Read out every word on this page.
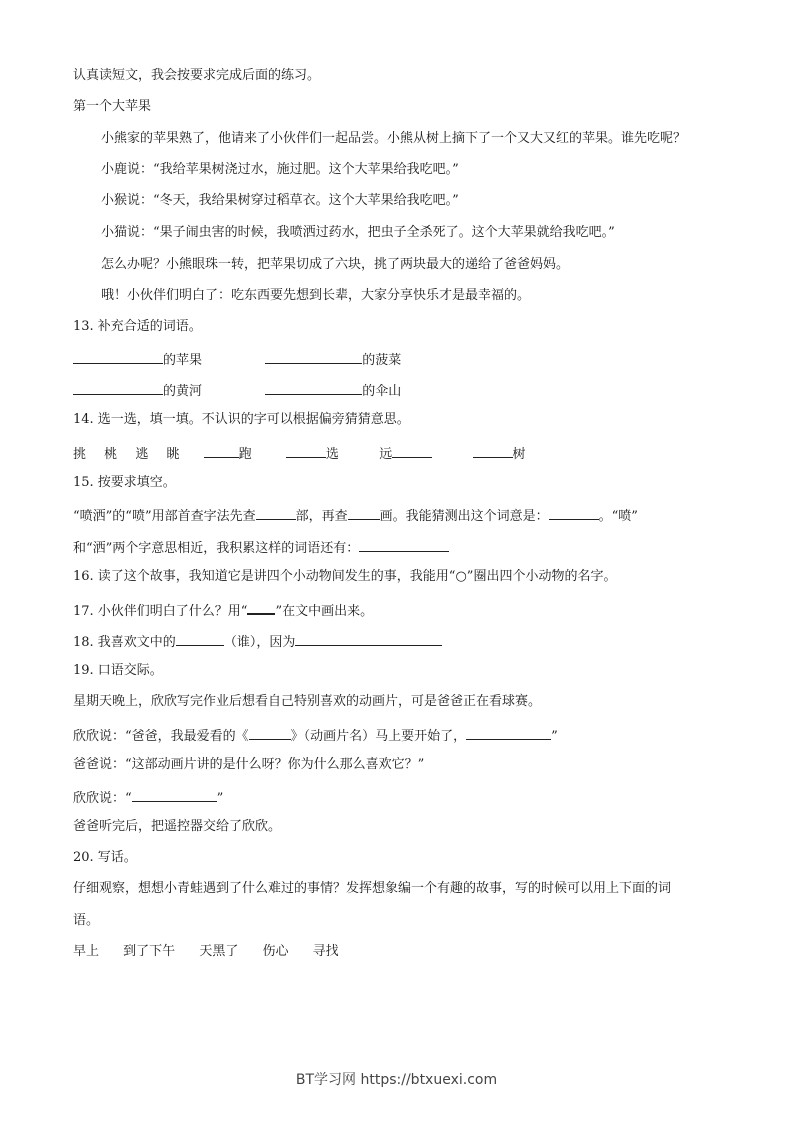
认真读短文，我会按要求完成后面的练习。
第一个大苹果
小熊家的苹果熟了，他请来了小伙伴们一起品尝。小熊从树上摘下了一个又大又红的苹果。谁先吃呢？
小鹿说：“我给苹果树浇过水，施过肥。这个大苹果给我吃吧。”
小猴说：“冬天，我给果树穿过稻草衣。这个大苹果给我吃吧。”
小猫说：“果子闹虫害的时候，我喷洒过药水，把虫子全杀死了。这个大苹果就给我吃吧。”
怎么办呢？小熊眼珠一转，把苹果切成了六块，挑了两块最大的递给了爸爸妈妈。
哦！小伙伴们明白了：吃东西要先想到长辈，大家分享快乐才是最幸福的。
13. 补充合适的词语。
的苹果	的菠菜
的黄河	的伞山
14. 选一选，填一填。不认识的字可以根据偏旁猜猜意思。
挑 桃 逃 眺	跑	选	远	树
15. 按要求填空。
“喷洒”的“喷”用部首查字法先查	部，再查 画。我能猜测出这个词意是：	。“喷”
和“洒”两个字意思相近，我积累这样的词语还有：
16. 读了这个故事，我知道它是讲四个小动物间发生的事，我能用“○”圈出四个小动物的名字。
17. 小伙伴们明白了什么？用“ ”在文中画出来。
18. 我喜欢文中的	（谁），因为
19. 口语交际。
星期天晚上，欣欣写完作业后想看自己特别喜欢的动画片，可是爸爸正在看球赛。
欣欣说：“爸爸，我最爱看的《	》（动画片名）马上要开始了，	”
爸爸说：“这部动画片讲的是什么呀？你为什么那么喜欢它？”
欣欣说：“	”
爸爸听完后，把遥控器交给了欣欣。
20. 写话。
仔细观察，想想小青蛙遇到了什么难过的事情？发挥想象编一个有趣的故事，写的时候可以用上下面的词
语。
早上 到了下午 天黑了 伤心 寻找
BT学习网 https://btxuexi.com
